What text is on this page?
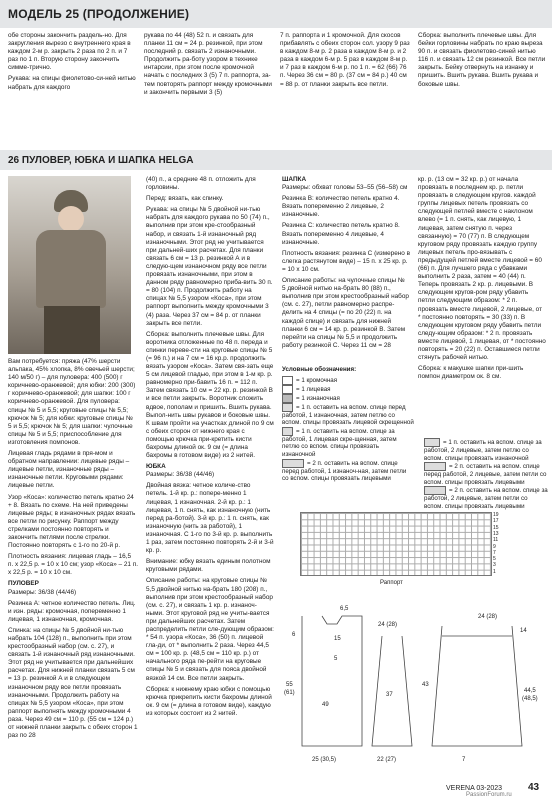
МОДЕЛЬ 25 (ПРОДОЛЖЕНИЕ)

обе стороны закончить раздель-но. Для закругления вырезо с внутреннего края в каждом 2-м р. закрыть 2 раза по 2 п. и 7 раз по 1 п. Вторую сторону закончить симме-трично.

Рукава: на спицы фиолетово-си-ней нитью набрать для каждого

рукава по 44 (48) 52 п. и связать для планки 11 см = 24 р. резинкой, при этом последний р. связать 2 изнаночными. Продолжить ра-боту узором в технике интарсии, при этом после кромочной начать с последних 3 (5) 7 п. раппорта, за-тем повторять раппорт между кромочными и закончить первыми 3 (5)

7 п. раппорта и 1 кромочной. Для скосов прибавлять с обеих сторон сол. узору 9 раз в каждом 8-м р. 2 раза в каждом 8-м р. и 2 раза в каждом 6-м р. 5 раз в каждом 8-м р. и 7 раз в каждом 6-м р. по 1 п. = 62 (66) 76 п. Через 36 см = 80 р. (37 см = 84 р.) 40 см = 88 р. от планки закрыть все петли.

Сборка: выполнить плечевые швы. Для бейки горловины набрать по краю выреза 90 п. и связать фиолетово-синей нитью 116 п. и связать 12 см резинкой. Все петли закрыть. Бейку отвернуть на изнанку и пришить. Вшить рукава. Вшить рукава и боковые швы.

26 ПУЛОВЕР, ЮБКА И ШАПКА HELGA

Вам потребуется: пряжа (47% шерсти альпака, 45% хлопка, 8% овечьей шерсти; 140 м/50 г) – для пуловера: 400 (500) г коричнево-оранжевой; для юбки: 200 (300) г коричнево-оранжевой; для шапки: 100 г коричнево-оранжевой. Для пуловера: спицы № 5 и 5,5; круговые спицы № 5,5; крючок № 5; для юбки: круговые спицы № 5 и 5,5; крючок № 5; для шапки: чулочные спицы № 5 и 5,5; приспособление для изготовления помпонов.

Лицевая гладь рядами в пря-мом и обратном направлении: лицевые ряды – лицевые петли, изнаночные ряды – изнаночные петли. Круговыми рядами: лицевые петли.

Узор «Коса»: количество петель кратно 24 + 8. Вязать по схеме. На ней приведены лицевые ряды; в изнаночных рядах вязать все петли по рисунку. Раппорт между стрелками постоянно повторять и закончить петлями после стрелки. Постоянно повторять с 1-го по 20-й р.

Плотность вязания: лицевая гладь – 16,5 п. x 22,5 р. = 10 x 10 см; узор «Коса» – 21 п. x 22,5 р. = 10 x 10 см.

ПУЛОВЕР

Размеры: 36/38 (44/46)

Резинка А: четное количество петель. Лиц. и изн. ряды: кромочная, попеременно 1 лицевая, 1 изнаночная, кромочная.

Спинка: на спицы № 5 двойной ни-тью набрать 104 (128) п., выполнить при этом крестообразный набор (см. с. 27), и связать 1-й изнаночный ряд изнаночными. Этот ряд не учитывается при дальнейших расчетах. Для нижней планки связать 5 см = 13 р. резинкой А и в следующем изнаночном ряду все петли провязать изнаночными. Продолжить работу на спицах № 5,5 узором «Коса», при этом раппорт выполнять между кромочными 4 раза. Через 49 см = 110 р. (55 см = 124 р.) от нижней планки закрыть с обеих сторон 1 раз по 28

(40) п., а средние 48 п. отложить для горловины.

Перед: вязать, как спинку.

Рукава: на спицы № 5 двойной ни-тью набрать для каждого рукава по 50 (74) п., выполнив при этом кре-стообразный набор, и связать 1-й изнаночный ряд изнаночными. Этот ряд не учитывается при дальней-ших расчетах. Для планки связать 6 см = 13 р. резинкой А и в следую-щем изнаночном ряду все петли провязать изнаночными, при этом в данном ряду равномерно приба-вить 30 п. = 80 (104) п. Продолжить работу на спицах № 5,5 узором «Коса», при этом раппорт выполнить между кромочными 3 (4) раза. Через 37 см = 84 р. от планки закрыть все петли.

Сборка: выполнить плечевые швы. Для воротника отложенные по 48 п. переда и спинки переве-сти на круговые спицы № 5 (= 96 п.) и на 7 см = 16 кр.р. продолжить вязать узором «Коса». Затем свя-зать еще 5 см лицевой гладью, при этом в 1-м кр. р. равномерно при-бавить 16 п. = 112 п. Затем связать 10 см = 22 кр. р. резинкой В и все петли закрыть. Воротник сложить вдвое, пополам и пришить. Вшить рукава. Выпол-нить швы рукавов и боковые швы. К швам пройти на участках длиной по 9 см с обеих сторон от нижнего края с помощью крючка при-кретить кисти бахромы длиной ок. 9 см (= длина бахромы в готовом виде) из 2 нитей.

ЮБКА

Размеры: 36/38 (44/46)

Двойная вязка: четное количе-ство петель. 1-й кр. р.: попере-менно 1 лицевая, 1 изнаночная. 2-й кр. р.: 1 лицевая, 1 п. снять, как изнаночную (нить перед ра-ботой). 3-й кр. р.: 1 п. снять, как изнаночную (нить за работой), 1 изнаночная. С 1-го по 3-й кр. р. выполнить 1 раз, затем постоянно повторять 2-й и 3-й кр. р.

Внимание: юбку вязать единым полотном круговыми рядами.

Описание работы: на круговые спицы № 5,5 двойной нитью на-брать 180 (208) п., выполнив при этом крестообразный набор (см. с. 27), и связать 1 кр. р. изнаноч-ными. Этот круговой ряд не учиты-вается при дальнейших расчетах. Затем распределить петли сле-дующим образом: * 54 п. узора «Коса», 36 (50) п. лицевой гла-ди, от * выполнить 2 раза. Через 44,5 см = 100 кр. р. (48,5 см = 110 кр. р.) от начального ряда пе-рейти на круговые спицы № 5 и связать для пояса двойной вязкой 14 см. Все петли закрыть.

Сборка: к нижнему краю юбки с помощью крючка прикрепить кисти бахромы длиной ок. 9 см (= длина в готовом виде), каждую из которых состоит из 2 нитей.

ШАПКА

Размеры: обхват головы 53–55 (56–58) см

Резинка В: количество петель кратно 4. Вязать попеременно 2 лицевые, 2 изнаночные.

Резинка С: количество петель кратно 8. Вязать попеременно 4 лицевые, 4 изнаночные.

Плотность вязания: резинка С (измерено в слегка растянутом виде) – 15 п. x 25 кр. р. = 10 x 10 см.

Описание работы: на чулочные спицы № 5 двойной нитью на-брать 80 (88) п., выполнив при этом крестообразный набор (см. с. 27), петли равномерно распре-делить на 4 спицы (= по 20 (22) п. на каждой спице) и связать для нижней планки 6 см = 14 кр. р. резинкой В. Затем перейти на спицы № 5,5 и продолжить работу резинкой С. Через 11 см = 28

кр. р. (13 см = 32 кр. р.) от начала провязать в последнем кр. р. петли провязать в следующем кругов. каждой группы лицевых петель провязать со следующей петлей вместе с наклоном влево (= 1 п. снять, как лицевую, 1 лицевая, затем снятую п. через связанную) = 70 (77) п. В следующем круговом ряду провязать каждую группу лицевых петель про-вязывать с предыдущей петлей вместе лицевой = 60 (66) п. Для лучшего ряда с убавками выполнить 2 раза, затем = 40 (44) п. Теперь провязать 2 кр. р. лицевыми. В следующем кругов-ром ряду убавить петли следующим образом: * 2 п. провязать вместе лицевой, 2 лицевые, от * постоянно повторять = 30 (33) п. В следующем круговом ряду убавить петли следу-ющим образом: * 2 п. провязать вместе лицевой, 1 лицевая, от * постоянно повторять = 20 (22) п. Оставшиеся петли стянуть рабочей нитью.

Сборка: к макушке шапки при-шить помпон диаметром ок. 8 см.

Условные обозначения:
= 1 кромочная
= 1 лицевая
= 1 изнаночная
= 1 п. оставить на вспом. спице перед работой, 1 изнаночная, затем петлю со вспом. спицы провязать лицевой скрещенной
= 1 п. оставить на вспом. спице за работой, 1 лицевая скре-щенная, затем петлю со вспом. спицы провязать изнаночной
= 2 п. оставить на вспом. спице перед работой, 1 изнаноч-ная, затем петли со вспом. спицы провязать лицевыми
= 1 п. оставить на вспом. спице за работой, 2 лицевые, затем петлю со вспом. спицы провязать изнаночной
= 2 п. оставить на вспом. спице перед работой, 2 лицевые, затем петли со вспом. спицы провязать лицевыми
= 2 п. оставить на вспом. спице за работой, 2 лицевые, затем петли со вспом. спицы провязать лицевыми
19
17
15
13
11
9
7
5
3
1
Раппорт
6,5
15
5
55
(61)
49
25 (30,5)
37
24 (28)
22 (27)
43
44,5
(48,5)
14
24 (28)
7
6
VERENA 03-2023	43
PassionForum.ru
